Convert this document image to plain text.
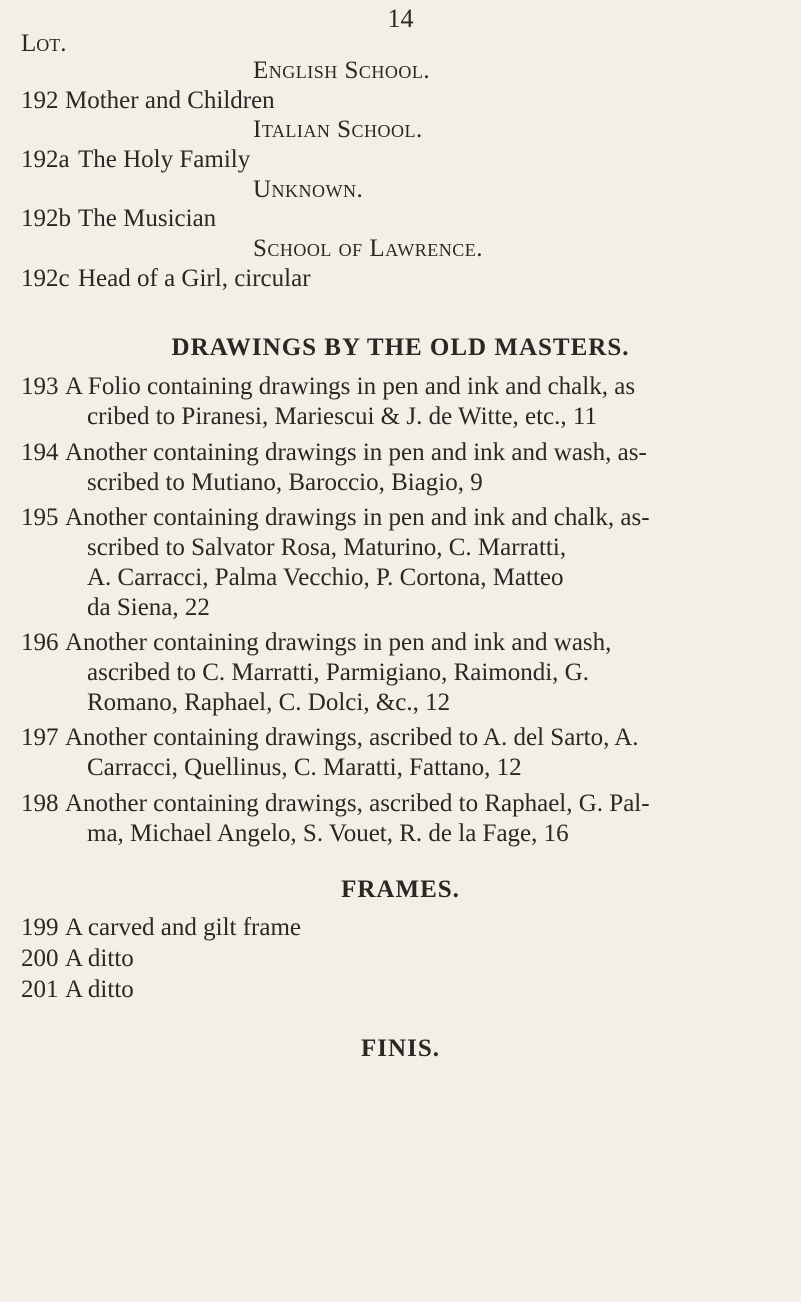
14
Lot.
English School.
192 Mother and Children
Italian School.
192a The Holy Family
Unknown.
192b The Musician
School of Lawrence.
192c Head of a Girl, circular
DRAWINGS BY THE OLD MASTERS.
193 A Folio containing drawings in pen and ink and chalk, as
cribed to Piranesi, Mariescui & J. de Witte, etc., 11
194 Another containing drawings in pen and ink and wash, as-
scribed to Mutiano, Baroccio, Biagio, 9
195 Another containing drawings in pen and ink and chalk, as-
scribed to Salvator Rosa, Maturino, C. Marratti,
A. Carracci, Palma Vecchio, P. Cortona, Matteo
da Siena, 22
196 Another containing drawings in pen and ink and wash,
ascribed to C. Marratti, Parmigiano, Raimondi, G.
Romano, Raphael, C. Dolci, &c., 12
197 Another containing drawings, ascribed to A. del Sarto, A.
Carracci, Quellinus, C. Maratti, Fattano, 12
198 Another containing drawings, ascribed to Raphael, G. Pal-
ma, Michael Angelo, S. Vouet, R. de la Fage, 16
FRAMES.
199 A carved and gilt frame
200 A ditto
201 A ditto
FINIS.
